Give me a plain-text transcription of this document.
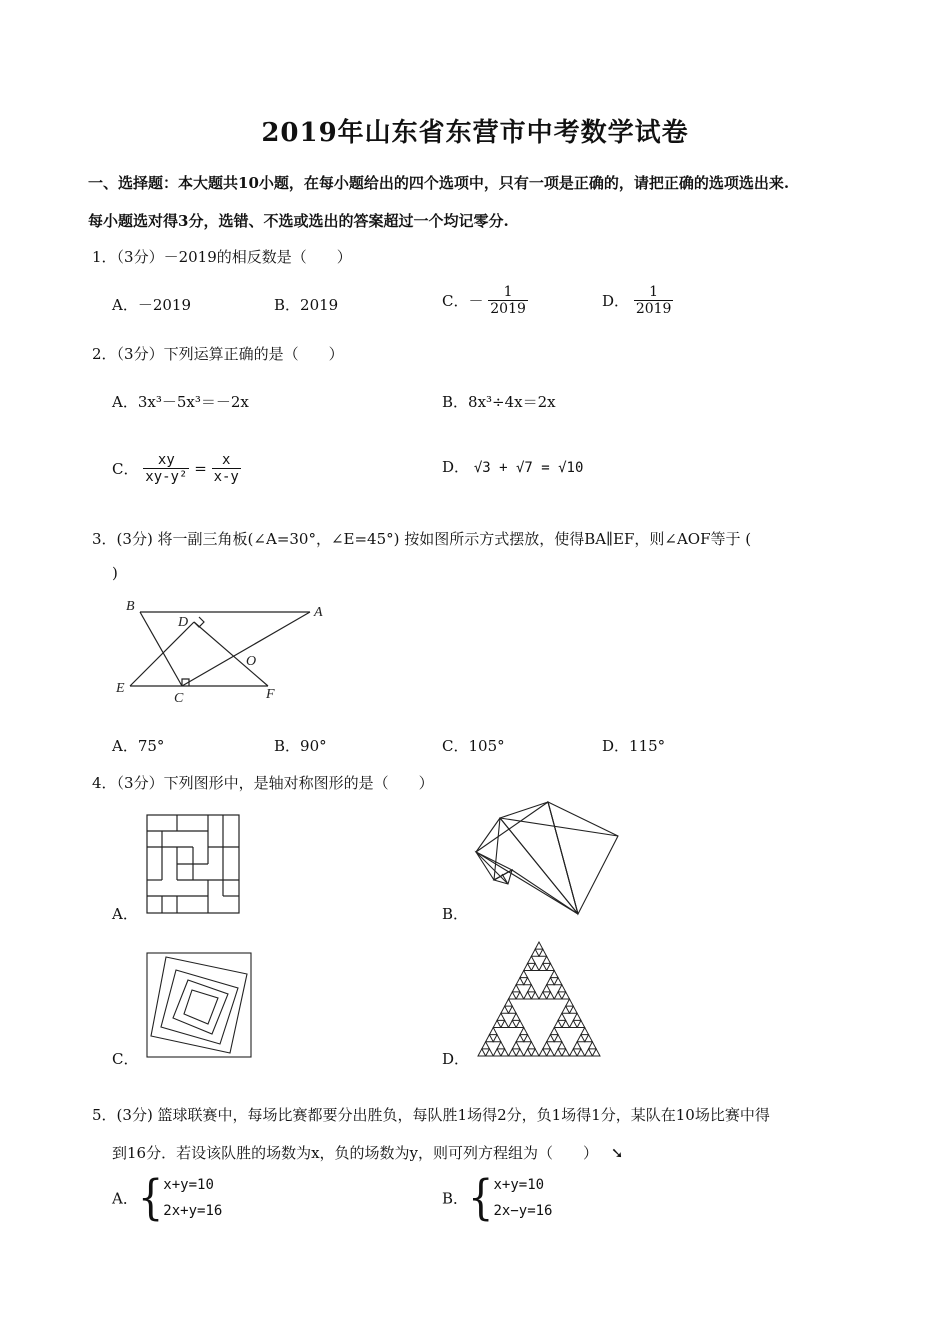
2019年山东省东营市中考数学试卷
一、选择题：本大题共10小题，在每小题给出的四个选项中，只有一项是正确的，请把正确的选项选出来.
每小题选对得3分，选错、不选或选出的答案超过一个均记零分.
1．（3分）－2019的相反数是（　　）
A．－2019	B．2019	C．－ $\frac{1}{2019}$	D． $\frac{1}{2019}$
2．（3分）下列运算正确的是（　　）
A．3x³－5x³＝－2x	B．8x³÷4x＝2x
C． $\frac{xy}{\text{xy-y²}} = \frac{x}{x-y}$	D． √3 + √7 = √10
3．(3分) 将一副三角板(∠A=30°，∠E=45°) 按如图所示方式摆放，使得BA∥EF，则∠AOF等于 (
)
B	A
D
O
E
C	F
A．75°	B．90°	C．105°	D．115°
4．（3分）下列图形中，是轴对称图形的是（　　）
A．	B．
C．	D．
5．(3分) 篮球联赛中，每场比赛都要分出胜负，每队胜1场得2分，负1场得1分，某队在10场比赛中得
到16分．若设该队胜的场数为x，负的场数为y，则可列方程组为（　　） ➘
A．{ x+y=10
2x+y=16
B．{ x+y=10
2x−y=16
